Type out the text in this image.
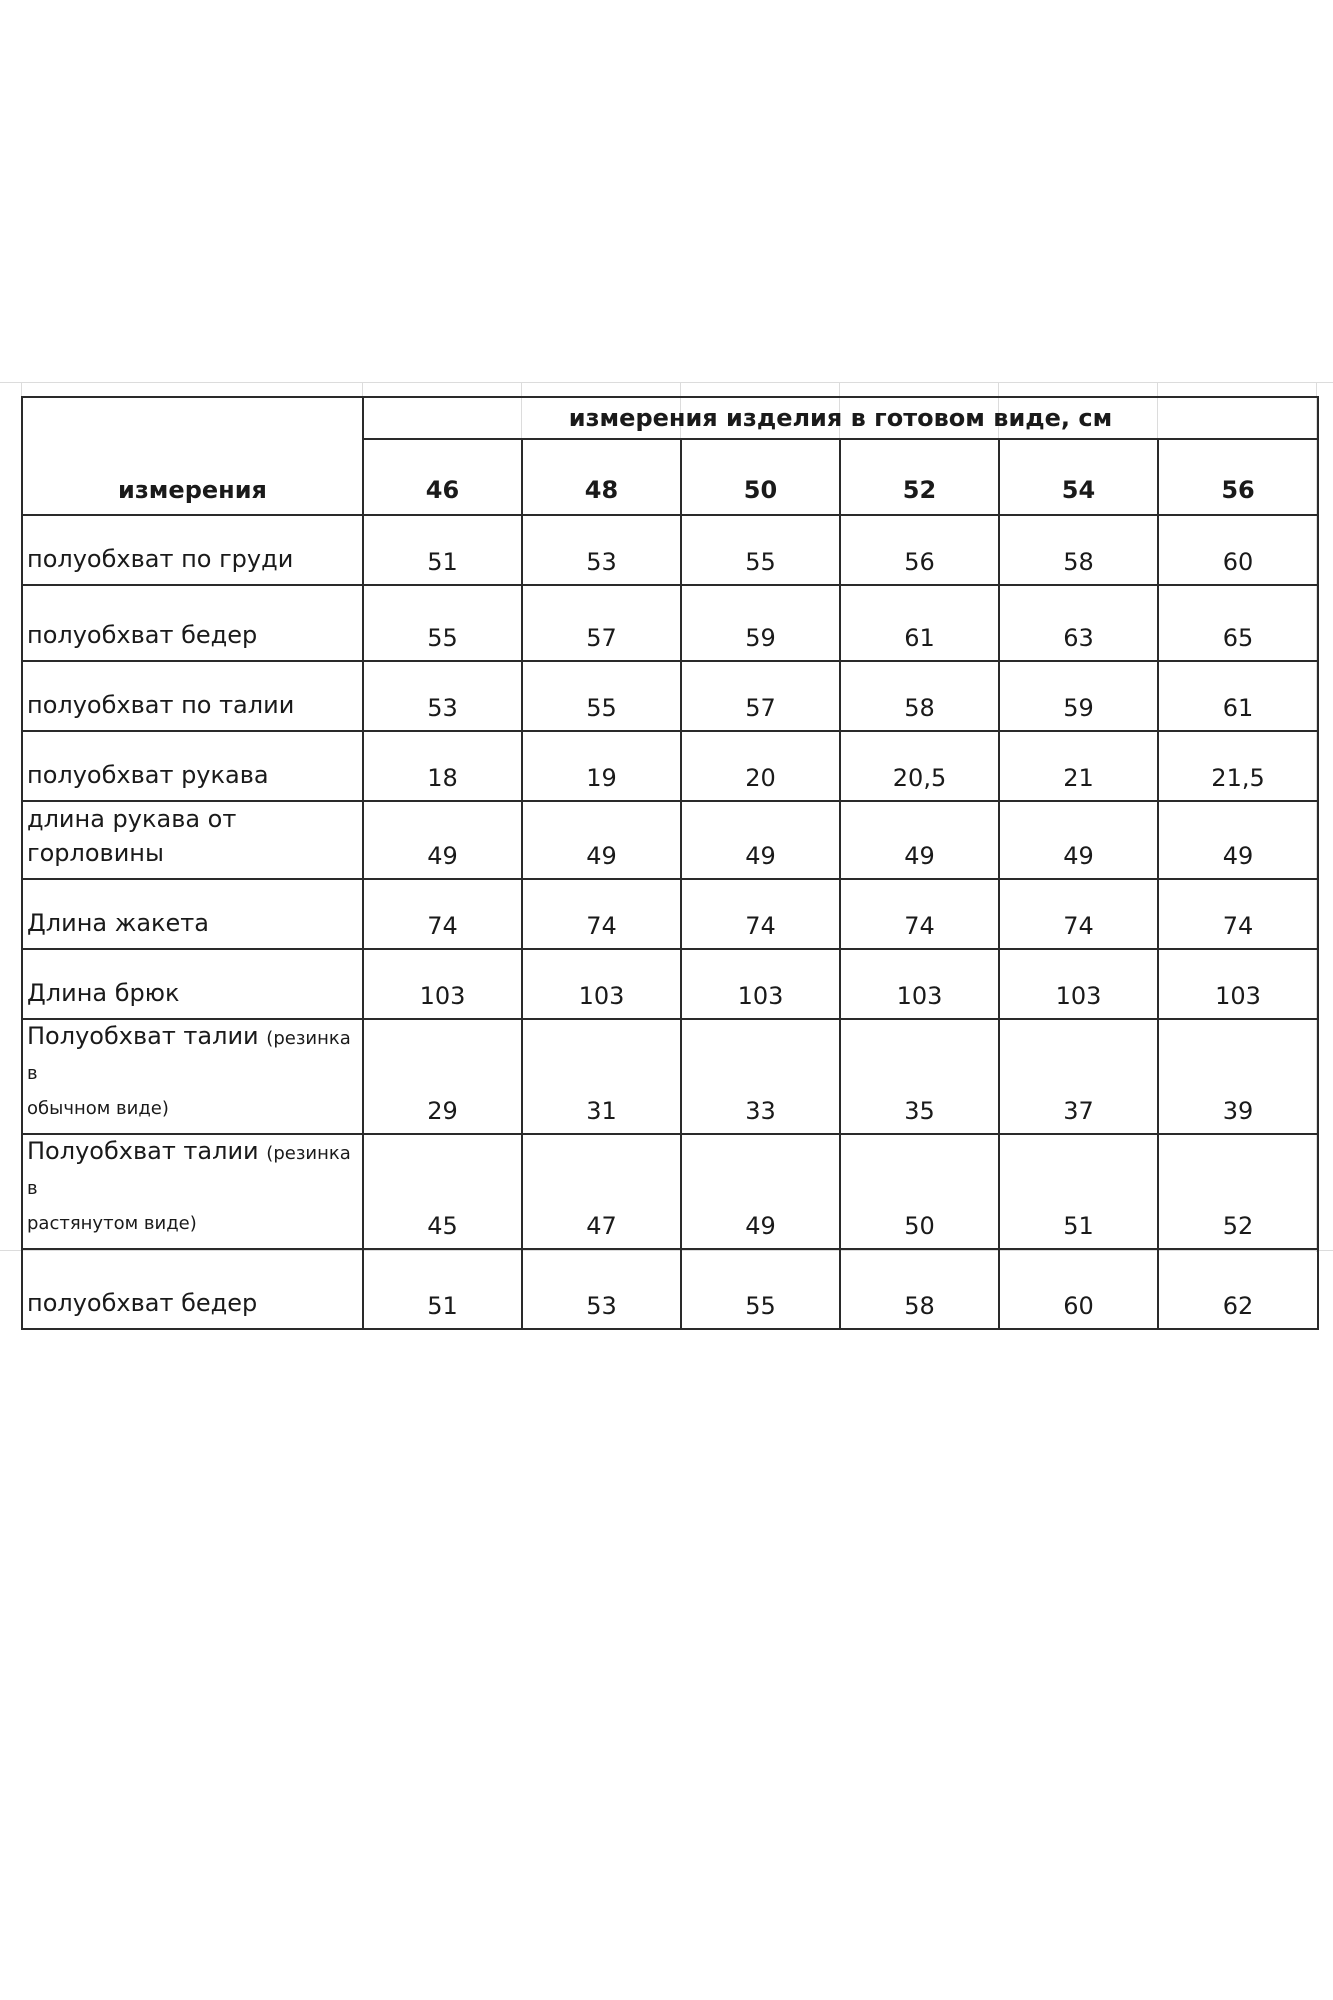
измерения	измерения изделия в готовом виде, см					
	46	48	50	52	54	56
полуобхват по груди	51	53	55	56	58	60
полуобхват бедер	55	57	59	61	63	65
полуобхват по талии	53	55	57	58	59	61
полуобхват рукава	18	19	20	20,5	21	21,5
длина рукава от
горловины	49	49	49	49	49	49
Длина жакета	74	74	74	74	74	74
Длина брюк	103	103	103	103	103	103
Полуобхват талии (резинка в
обычном виде)	29	31	33	35	37	39
Полуобхват талии (резинка в
растянутом виде)	45	47	49	50	51	52
полуобхват бедер	51	53	55	58	60	62
